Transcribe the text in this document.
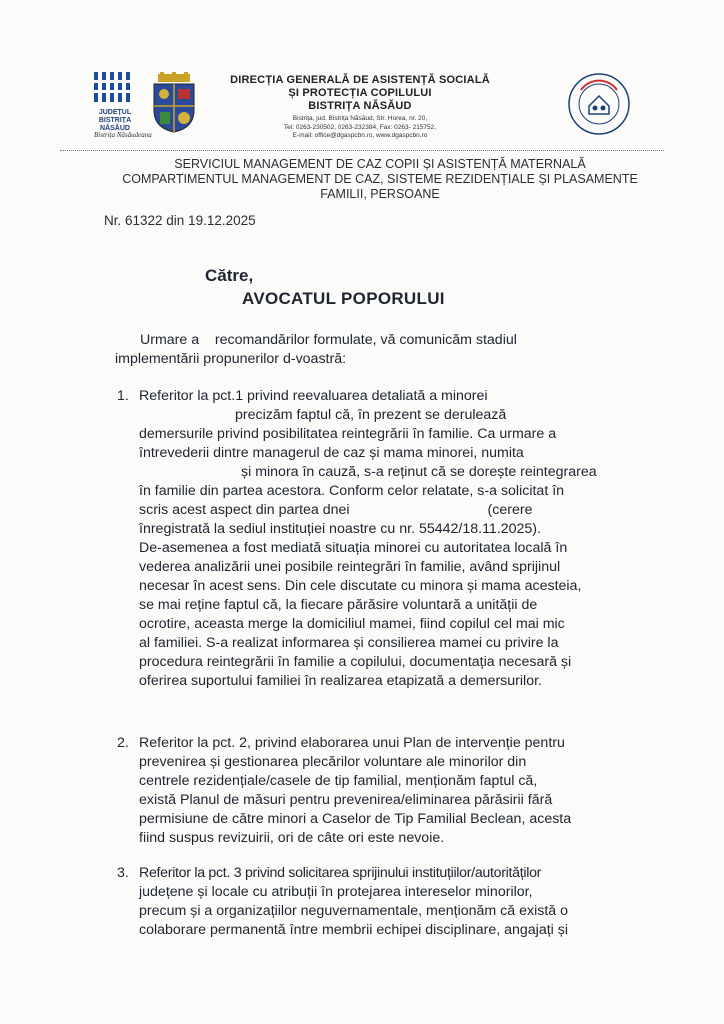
JUDEȚUL
BISTRIȚA
NĂSĂUD
Bistrița Năsăudeana
DIRECȚIA GENERALĂ DE ASISTENȚĂ SOCIALĂ
ȘI PROTECȚIA COPILULUI
BISTRIȚA NĂSĂUD
Bistrița, jud. Bistrița Năsăud, Str. Horea, nr. 20,
Tel: 0263-230502, 0263-232384, Fax: 0263- 215752,
E-mail: office@dgaspcbn.ro, www.dgaspcbn.ro
SERVICIUL MANAGEMENT DE CAZ COPII ȘI ASISTENȚĂ MATERNALĂ
COMPARTIMENTUL MANAGEMENT DE CAZ, SISTEME REZIDENȚIALE ȘI PLASAMENTE
FAMILII, PERSOANE
Nr. 61322 din 19.12.2025
Către,
AVOCATUL POPORULUI
Urmare a    recomandărilor formulate, vă comunicăm stadiul
implementării propunerilor d-voastră:
1. Referitor la pct.1 privind reevaluarea detaliată a minorei
precizăm faptul că, în prezent se derulează
demersurile privind posibilitatea reintegrării în familie. Ca urmare a
întrevederii dintre managerul de caz și mama minorei, numita
și minora în cauză, s-a reținut că se dorește reintegrarea
în familie din partea acestora. Conform celor relatate, s-a solicitat în
scris acest aspect din partea dnei                                   (cerere
înregistrată la sediul instituției noastre cu nr. 55442/18.11.2025).
De-asemenea a fost mediată situația minorei cu autoritatea locală în
vederea analizării unei posibile reintegrări în familie, având sprijinul
necesar în acest sens. Din cele discutate cu minora și mama acesteia,
se mai reține faptul că, la fiecare părăsire voluntară a unității de
ocrotire, aceasta merge la domiciliul mamei, fiind copilul cel mai mic
al familiei. S-a realizat informarea și consilierea mamei cu privire la
procedura reintegrării în familie a copilului, documentația necesară și
oferirea suportului familiei în realizarea etapizată a demersurilor.
2. Referitor la pct. 2, privind elaborarea unui Plan de intervenție pentru
prevenirea și gestionarea plecărilor voluntare ale minorilor din
centrele rezidențiale/casele de tip familial, menționăm faptul că,
există Planul de măsuri pentru prevenirea/eliminarea părăsirii fără
permisiune de către minori a Caselor de Tip Familial Beclean, acesta
fiind suspus revizuirii, ori de câte ori este nevoie.
3. Referitor la pct. 3 privind solicitarea sprijinului instituțiilor/autorităților
județene și locale cu atribuții în protejarea intereselor minorilor,
precum și a organizațiilor neguvernamentale, menționăm că există o
colaborare permanentă între membrii echipei disciplinare, angajați și
